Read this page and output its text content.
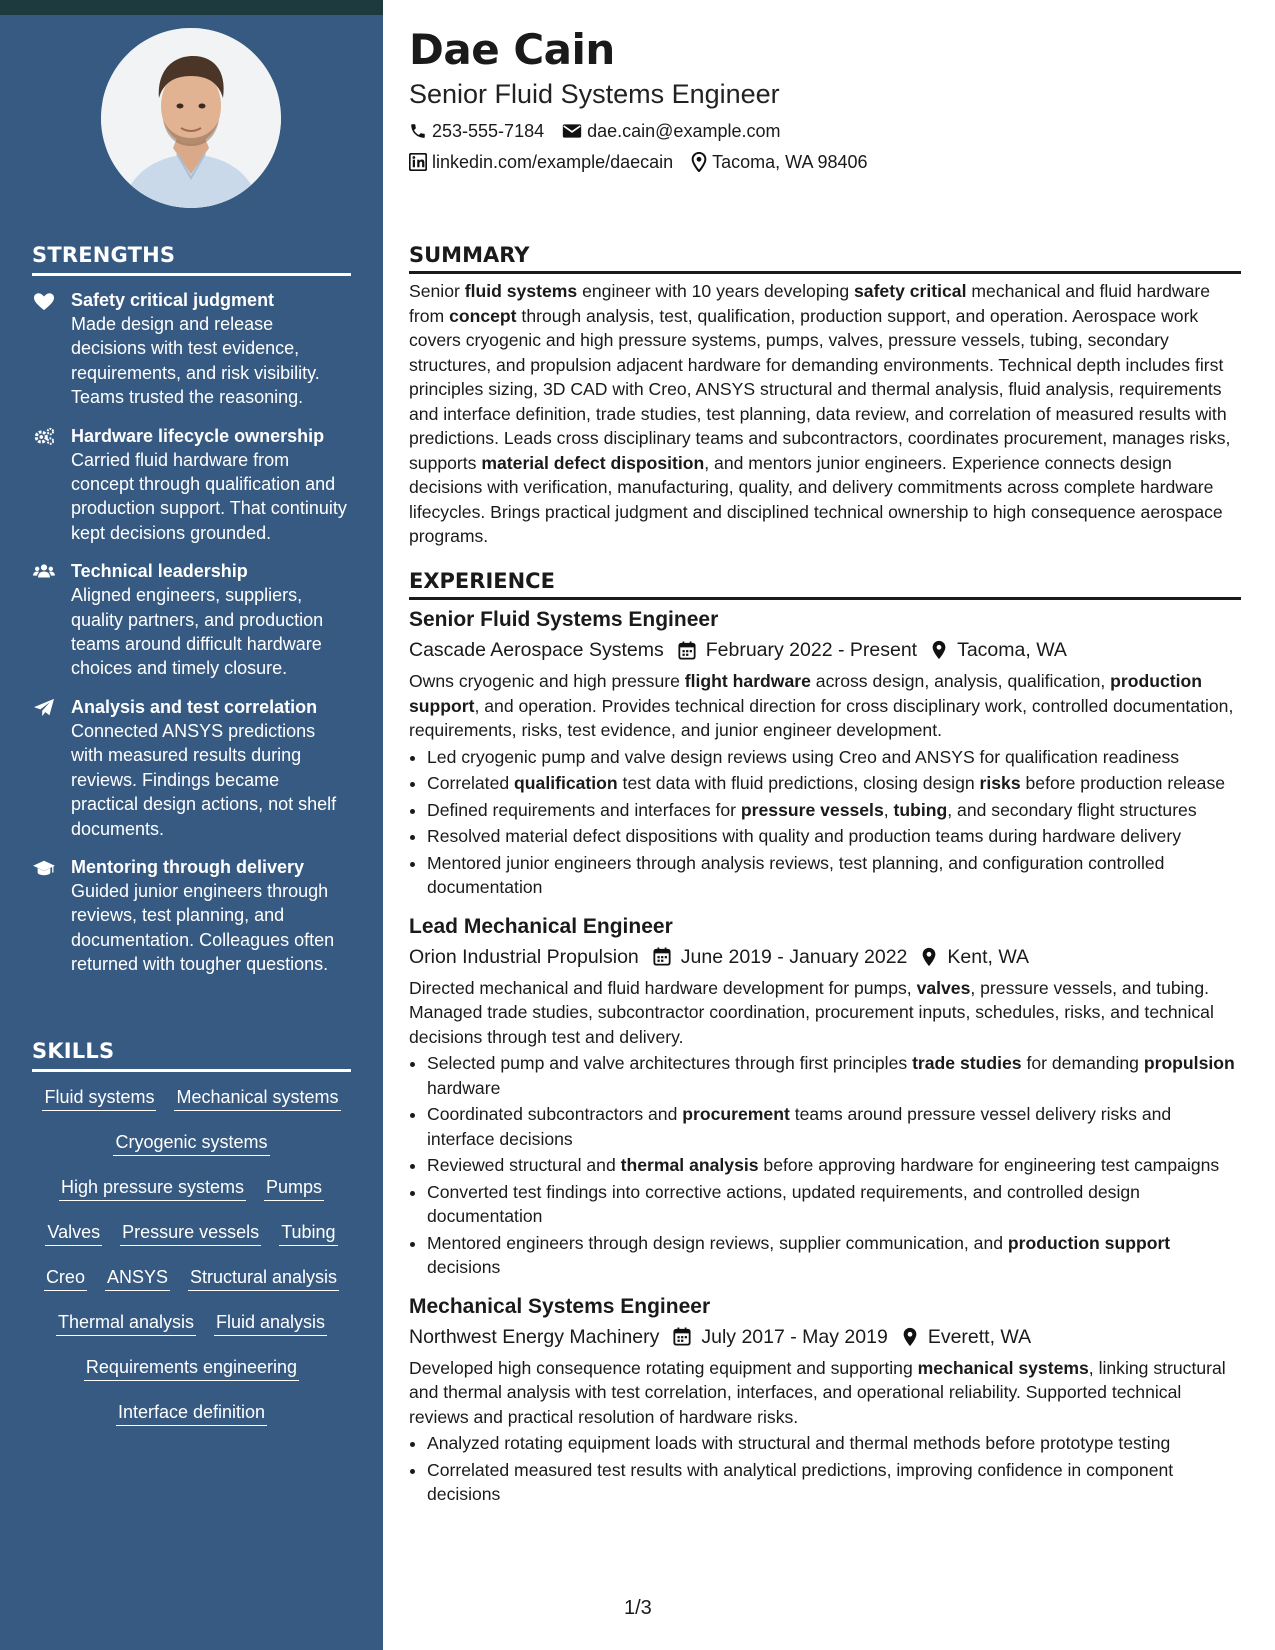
STRENGTHS
Safety critical judgment
Made design and release decisions with test evidence, requirements, and risk visibility. Teams trusted the reasoning.
Hardware lifecycle ownership
Carried fluid hardware from concept through qualification and production support. That continuity kept decisions grounded.
Technical leadership
Aligned engineers, suppliers, quality partners, and production teams around difficult hardware choices and timely closure.
Analysis and test correlation
Connected ANSYS predictions with measured results during reviews. Findings became practical design actions, not shelf documents.
Mentoring through delivery
Guided junior engineers through reviews, test planning, and documentation. Colleagues often returned with tougher questions.
SKILLS
Fluid systems Mechanical systems
Cryogenic systems
High pressure systems Pumps
Valves Pressure vessels Tubing
Creo ANSYS Structural analysis
Thermal analysis Fluid analysis
Requirements engineering
Interface definition
Dae Cain
Senior Fluid Systems Engineer
253-555-7184 dae.cain@example.com
linkedin.com/example/daecain Tacoma, WA 98406
SUMMARY

Senior fluid systems engineer with 10 years developing safety critical mechanical and fluid hardware from concept through analysis, test, qualification, production support, and operation. Aerospace work covers cryogenic and high pressure systems, pumps, valves, pressure vessels, tubing, secondary structures, and propulsion adjacent hardware for demanding environments. Technical depth includes first principles sizing, 3D CAD with Creo, ANSYS structural and thermal analysis, fluid analysis, requirements and interface definition, trade studies, test planning, data review, and correlation of measured results with predictions. Leads cross disciplinary teams and subcontractors, coordinates procurement, manages risks, supports material defect disposition, and mentors junior engineers. Experience connects design decisions with verification, manufacturing, quality, and delivery commitments across complete hardware lifecycles. Brings practical judgment and disciplined technical ownership to high consequence aerospace programs.

EXPERIENCE
Senior Fluid Systems Engineer
Cascade Aerospace Systems February 2022 - Present Tacoma, WA

Owns cryogenic and high pressure flight hardware across design, analysis, qualification, production support, and operation. Provides technical direction for cross disciplinary work, controlled documentation, requirements, risks, test evidence, and junior engineer development.

• Led cryogenic pump and valve design reviews using Creo and ANSYS for qualification readiness
• Correlated qualification test data with fluid predictions, closing design risks before production release
• Defined requirements and interfaces for pressure vessels, tubing, and secondary flight structures
• Resolved material defect dispositions with quality and production teams during hardware delivery
• Mentored junior engineers through analysis reviews, test planning, and configuration controlled documentation
Lead Mechanical Engineer
Orion Industrial Propulsion June 2019 - January 2022 Kent, WA

Directed mechanical and fluid hardware development for pumps, valves, pressure vessels, and tubing. Managed trade studies, subcontractor coordination, procurement inputs, schedules, risks, and technical decisions through test and delivery.

• Selected pump and valve architectures through first principles trade studies for demanding propulsion hardware
• Coordinated subcontractors and procurement teams around pressure vessel delivery risks and interface decisions
• Reviewed structural and thermal analysis before approving hardware for engineering test campaigns
• Converted test findings into corrective actions, updated requirements, and controlled design documentation
• Mentored engineers through design reviews, supplier communication, and production support decisions
Mechanical Systems Engineer
Northwest Energy Machinery July 2017 - May 2019 Everett, WA

Developed high consequence rotating equipment and supporting mechanical systems, linking structural and thermal analysis with test correlation, interfaces, and operational reliability. Supported technical reviews and practical resolution of hardware risks.

• Analyzed rotating equipment loads with structural and thermal methods before prototype testing
• Correlated measured test results with analytical predictions, improving confidence in component decisions
1/3
